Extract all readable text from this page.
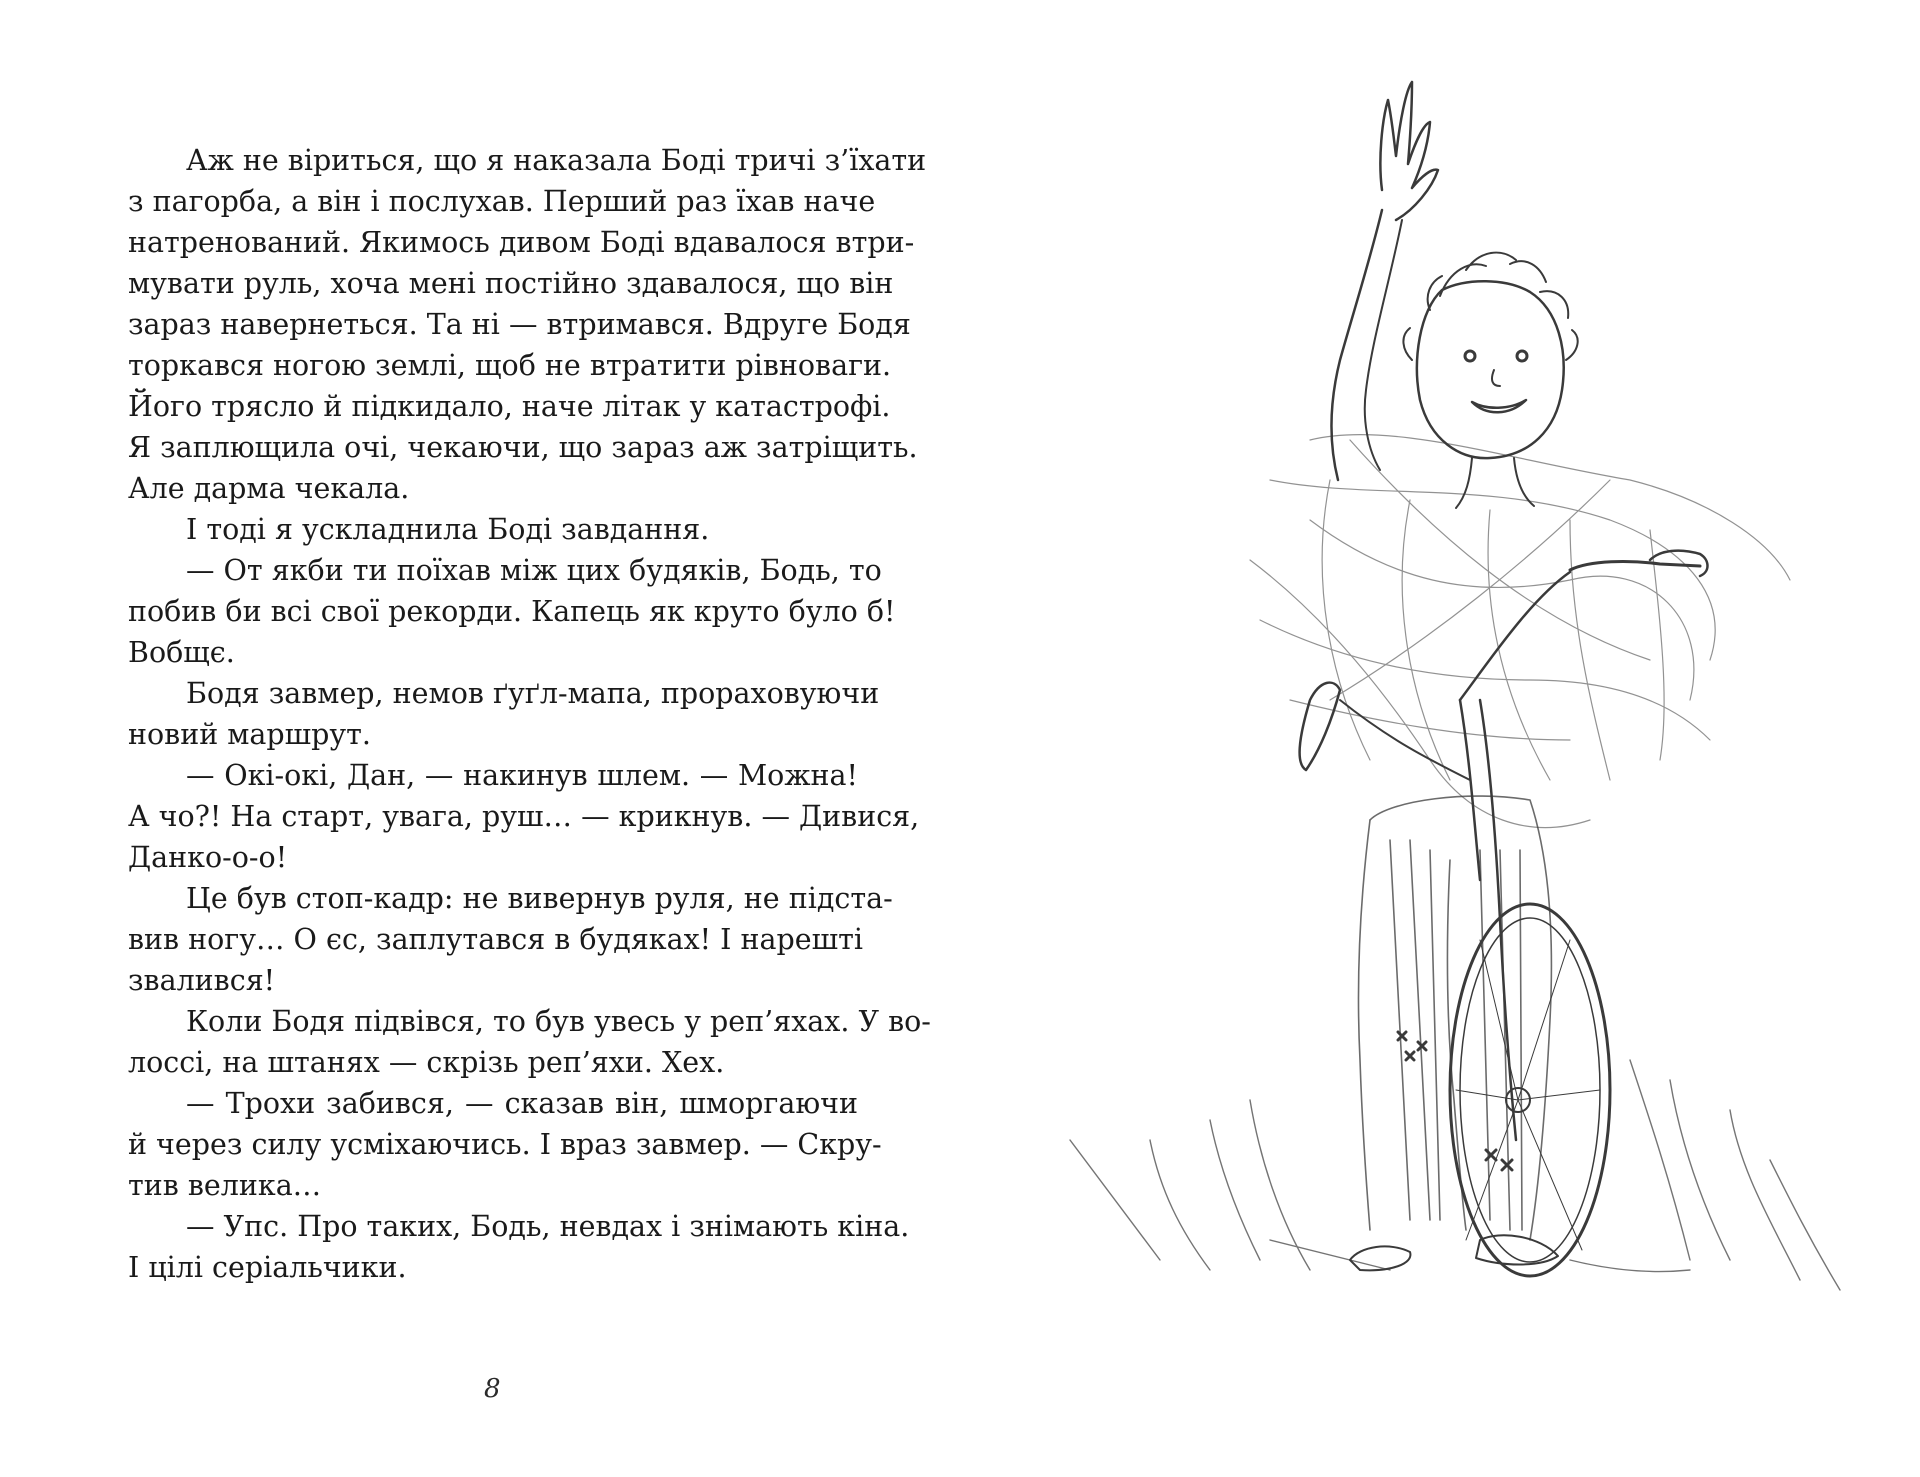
Аж не віриться, що я наказала Боді тричі з’їхати
з пагорба, а він і послухав. Перший раз їхав наче
натренований. Якимось дивом Боді вдавалося втри-
мувати руль, хоча мені постійно здавалося, що він
зараз навернеться. Та ні — втримався. Вдруге Бодя
торкався ногою землі, щоб не втратити рівноваги.
Його трясло й підкидало, наче літак у катастрофі.
Я заплющила очі, чекаючи, що зараз аж затріщить.
Але дарма чекала.
І тоді я ускладнила Боді завдання.
— От якби ти поїхав між цих будяків, Бодь, то
побив би всі свої рекорди. Капець як круто було б!
Вобщє.
Бодя завмер, немов ґуґл-мапа, прораховуючи
новий маршрут.
— Окі-окі, Дан, — накинув шлем. — Можна!
А чо?! На старт, увага, руш… — крикнув. — Дивися,
Данко-о-о!
Це був стоп-кадр: не вивернув руля, не підста-
вив ногу… О єс, заплутався в будяках! І нарешті
звалився!
Коли Бодя підвівся, то був увесь у реп’яхах. У во-
лоссі, на штанях — скрізь реп’яхи. Хех.
— Трохи забився, — сказав він, шморгаючи
й через силу усміхаючись. І враз завмер. — Скру-
тив велика…
— Упс. Про таких, Бодь, невдах і знімають кіна.
І цілі серіальчики.
8
